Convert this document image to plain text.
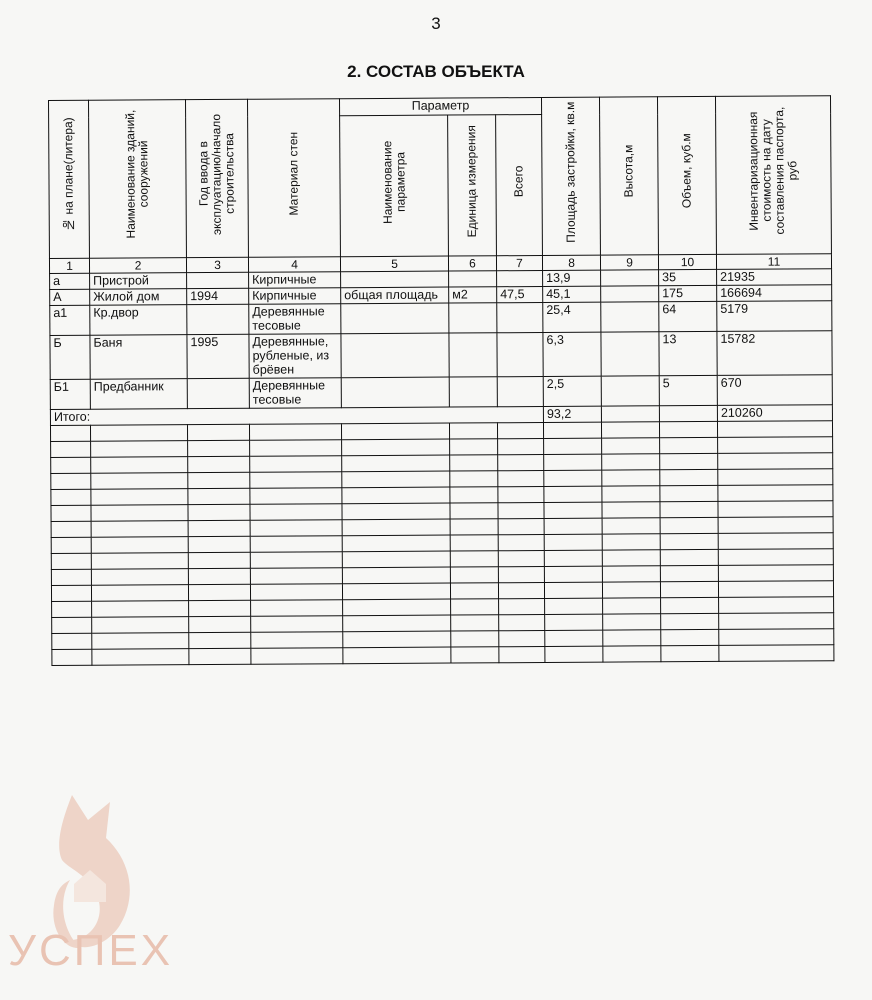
3
2. СОСТАВ ОБЪЕКТА
№ на плане(литера)	Наименование зданий, сооружений	Год ввода в эксплуатацию/начало строительства	Материал стен	Параметр			Площадь застройки, кв.м	Высота,м	Объем, куб.м	Инвентаризационная стоимость на дату составления паспорта, руб

				Наименование параметра	Единица измерения	Всего				

1	2	3	4	5	6	7	8	9	10	11
а	Пристрой		Кирпичные				13,9		35	21935
А	Жилой дом	1994	Кирпичные	общая площадь	м2	47,5	45,1		175	166694
а1	Кр.двор		Деревянные тесовые				25,4		64	5179
Б	Баня	1995	Деревянные, рубленые, из брёвен				6,3		13	15782
Б1	Предбанник		Деревянные тесовые				2,5		5	670
Итого:							93,2			210260

УСПЕХ
